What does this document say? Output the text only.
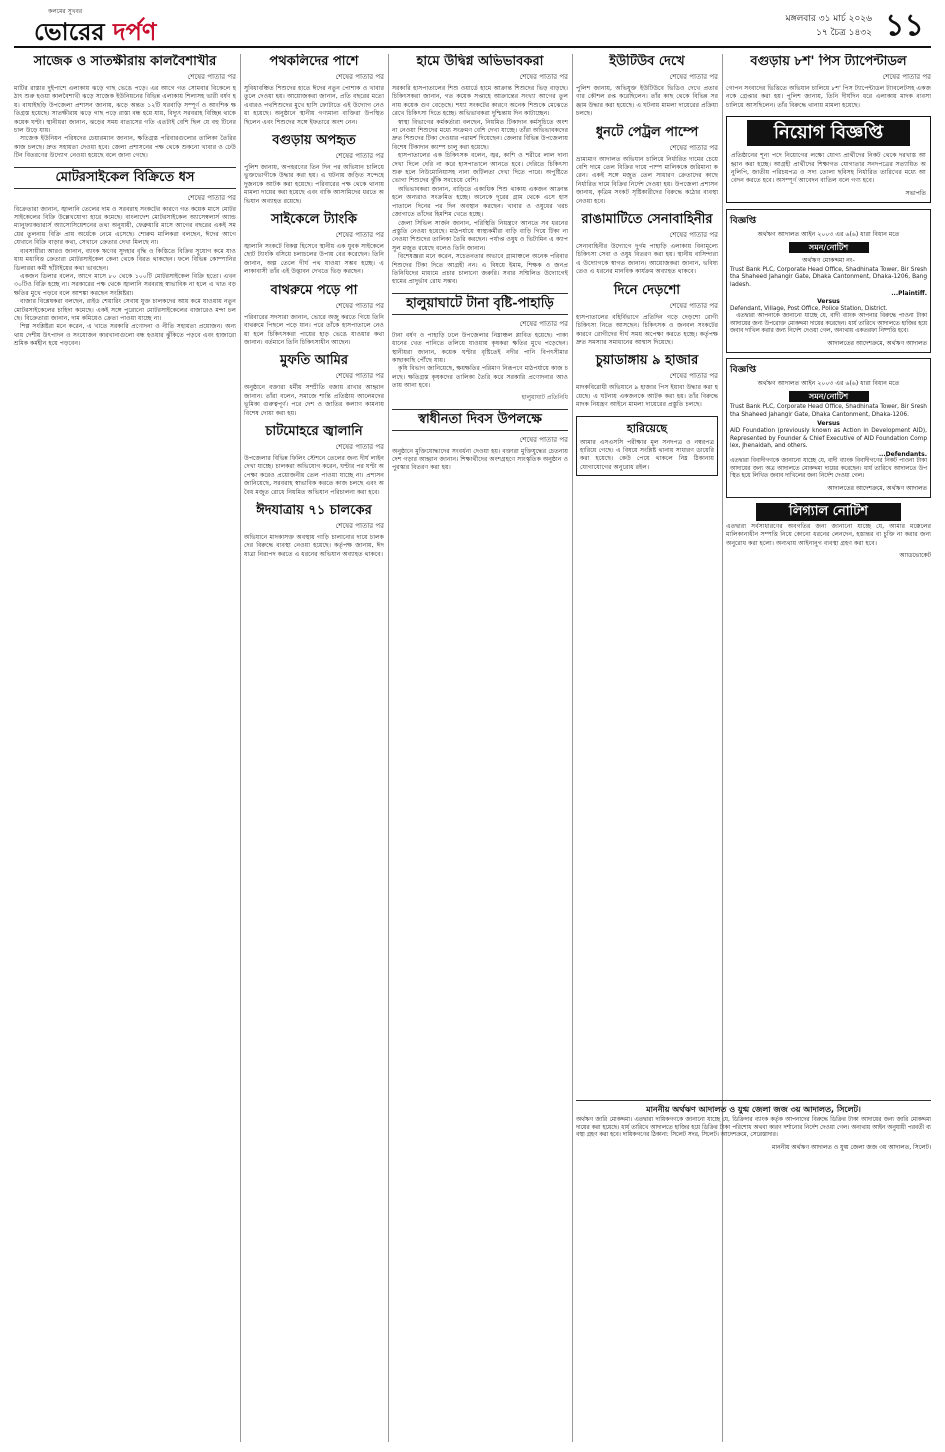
কলমের সুখবর
ভোরের দর্পণ	মঙ্গলবার ৩১ মার্চ ২০২৬
১৭ চৈত্র ১৪৩২ ১১
সাজেক ও সাতক্ষীরায় কালবৈশাখীর
শেষের পাতার পর

মাটির রাস্তার দুইপাশে এলাকায় ঝড়ে গাছ ভেঙে পড়ে। এর আগে গত সোমবার বিকেলে হঠাৎ শুরু হওয়া কালবৈশাখী ঝড়ে সাজেক ইউনিয়নের বিভিন্ন এলাকায় শিলাসহ ভারী বর্ষণ হয়। বাঘাইছড়ি উপজেলা প্রশাসন জানায়, ঝড়ে অন্তত ১২টি ঘরবাড়ি সম্পূর্ণ ও আংশিক ক্ষতিগ্রস্ত হয়েছে। সাতক্ষীরায় ঝড়ে গাছ পড়ে রাস্তা বন্ধ হয়ে যায়, বিদ্যুৎ সরবরাহ বিচ্ছিন্ন থাকে কয়েক ঘণ্টা। স্থানীয়রা জানান, ঝড়ের সময় বাতাসের গতি এতটাই বেশি ছিল যে বহু টিনের চাল উড়ে যায়।

সাজেক ইউনিয়ন পরিষদের চেয়ারম্যান জানান, ক্ষতিগ্রস্ত পরিবারগুলোর তালিকা তৈরির কাজ চলছে। দ্রুত সহায়তা দেওয়া হবে। জেলা প্রশাসনের পক্ষ থেকে শুকনো খাবার ও ঢেউটিন বিতরণের উদ্যোগ নেওয়া হয়েছে বলে জানা গেছে।

মোটরসাইকেল বিক্রিতে ধস
শেষের পাতার পর

বিক্রেতারা জানান, জ্বালানি তেলের দাম ও সরবরাহ সংকটের কারণে গত কয়েক মাসে মোটরসাইকেলের বিক্রি উল্লেখযোগ্য হারে কমেছে। বাংলাদেশ মোটরসাইকেল অ্যাসেম্বলার্স অ্যান্ড ম্যানুফ্যাকচারার্স অ্যাসোসিয়েশনের তথ্য অনুযায়ী, ফেব্রুয়ারি মাসে আগের বছরের একই সময়ের তুলনায় বিক্রি প্রায় অর্ধেকে নেমে এসেছে। শোরুম মালিকরা বলছেন, ঈদের আগে যেখানে বিক্রি বাড়ার কথা, সেখানে ক্রেতার দেখা মিলছে না।

ব্যবসায়ীরা আরও জানান, ব্যাংক ঋণের সুদহার বৃদ্ধি ও কিস্তিতে বিক্রির সুযোগ কমে যাওয়ায় মধ্যবিত্ত ক্রেতারা মোটরসাইকেল কেনা থেকে বিরত থাকছেন। ফলে বিভিন্ন কোম্পানির ডিলাররা কর্মী ছাঁটাইয়ের কথা ভাবছেন।

একজন ডিলার বলেন, আগে মাসে ৮০ থেকে ১০০টি মোটরসাইকেল বিক্রি হতো। এখন ৩০টিও বিক্রি হচ্ছে না। সরকারের পক্ষ থেকে জ্বালানি সরবরাহ স্বাভাবিক না হলে এ খাত বড় ক্ষতির মুখে পড়বে বলে আশঙ্কা করছেন সংশ্লিষ্টরা।

বাজার বিশ্লেষকরা বলছেন, রাইড শেয়ারিং সেবায় যুক্ত চালকদের আয় কমে যাওয়ায় নতুন মোটরসাইকেলের চাহিদা কমেছে। একই সঙ্গে পুরোনো মোটরসাইকেলের বাজারেও মন্দা চলছে। বিক্রেতারা জানান, দাম কমিয়েও ক্রেতা পাওয়া যাচ্ছে না।

শিল্প সংশ্লিষ্টরা মনে করেন, এ খাতে সরকারি প্রণোদনা ও নীতি সহায়তা প্রয়োজন। অন্যথায় দেশীয় উৎপাদন ও সংযোজন কারখানাগুলো বন্ধ হওয়ার ঝুঁকিতে পড়বে এবং হাজারো শ্রমিক কর্মহীন হয়ে পড়বেন।

পথকলিদের পাশে
শেষের পাতার পর

সুবিধাবঞ্চিত শিশুদের হাতে ঈদের নতুন পোশাক ও খাবার তুলে দেওয়া হয়। আয়োজকরা জানান, প্রতি বছরের মতো এবারও পথশিশুদের মুখে হাসি ফোটাতে এই উদ্যোগ নেওয়া হয়েছে। অনুষ্ঠানে স্থানীয় গণ্যমান্য ব্যক্তিরা উপস্থিত ছিলেন এবং শিশুদের সঙ্গে ইফতারে অংশ নেন।

বগুড়ায় অপহৃত
শেষের পাতার পর

পুলিশ জানায়, অপহরণের তিন দিন পর অভিযান চালিয়ে ভুক্তভোগীকে উদ্ধার করা হয়। এ ঘটনায় জড়িত সন্দেহে দুজনকে আটক করা হয়েছে। পরিবারের পক্ষ থেকে থানায় মামলা দায়ের করা হয়েছে এবং বাকি আসামিদের ধরতে অভিযান অব্যাহত রয়েছে।

সাইকেলে ট্যাংকি
শেষের পাতার পর

জ্বালানি সংকটে বিকল্প হিসেবে স্থানীয় এক যুবক সাইকেলে ছোট ট্যাংকি বসিয়ে চলাচলের উপায় বের করেছেন। তিনি জানান, অল্প তেলে দীর্ঘ পথ যাওয়া সম্ভব হচ্ছে। এলাকাবাসী তাঁর এই উদ্ভাবন দেখতে ভিড় করছেন।

বাথরুমে পড়ে পা
শেষের পাতার পর

পরিবারের সদস্যরা জানান, ভোরে অজু করতে গিয়ে তিনি বাথরুমে পিছলে পড়ে যান। পরে তাঁকে হাসপাতালে নেওয়া হলে চিকিৎসকরা পায়ের হাড় ভেঙে যাওয়ার কথা জানান। বর্তমানে তিনি চিকিৎসাধীন আছেন।

মুফতি আমির
শেষের পাতার পর

অনুষ্ঠানে বক্তারা ধর্মীয় সম্প্রীতি বজায় রাখার আহ্বান জানান। তাঁরা বলেন, সমাজে শান্তি প্রতিষ্ঠায় আলেমদের ভূমিকা গুরুত্বপূর্ণ। পরে দেশ ও জাতির কল্যাণ কামনায় বিশেষ দোয়া করা হয়।

চাটমোহরে জ্বালানি
শেষের পাতার পর

উপজেলার বিভিন্ন ফিলিং স্টেশনে তেলের জন্য দীর্ঘ লাইন দেখা যাচ্ছে। চালকরা অভিযোগ করেন, ঘণ্টার পর ঘণ্টা অপেক্ষা করেও প্রয়োজনীয় তেল পাওয়া যাচ্ছে না। প্রশাসন জানিয়েছে, সরবরাহ স্বাভাবিক করতে কাজ চলছে এবং অবৈধ মজুত রোধে নিয়মিত অভিযান পরিচালনা করা হবে।

ঈদযাত্রায় ৭১ চালকের
শেষের পাতার পর

অভিযানে মাদকাসক্ত অবস্থায় গাড়ি চালানোর দায়ে চালকদের বিরুদ্ধে ব্যবস্থা নেওয়া হয়েছে। কর্তৃপক্ষ জানায়, ঈদযাত্রা নিরাপদ করতে এ ধরনের অভিযান অব্যাহত থাকবে।

হামে উদ্বিগ্ন অভিভাবকরা
শেষের পাতার পর

সরকারি হাসপাতালের শিশু ওয়ার্ডে হামে আক্রান্ত শিশুদের ভিড় বাড়ছে। চিকিৎসকরা জানান, গত কয়েক সপ্তাহে আক্রান্তের সংখ্যা আগের তুলনায় কয়েক গুণ বেড়েছে। শয্যা সংকটের কারণে অনেক শিশুকে মেঝেতে রেখে চিকিৎসা দিতে হচ্ছে। অভিভাবকরা দুশ্চিন্তায় দিন কাটাচ্ছেন।

স্বাস্থ্য বিভাগের কর্মকর্তারা বলছেন, নিয়মিত টিকাদান কর্মসূচিতে অংশ না নেওয়া শিশুদের মধ্যে সংক্রমণ বেশি দেখা যাচ্ছে। তাঁরা অভিভাবকদের দ্রুত শিশুদের টিকা দেওয়ার পরামর্শ দিয়েছেন। জেলার বিভিন্ন উপজেলায় বিশেষ টিকাদান ক্যাম্প চালু করা হয়েছে।

হাসপাতালের এক চিকিৎসক বলেন, জ্বর, কাশি ও শরীরে লাল দানা দেখা দিলে দেরি না করে হাসপাতালে আনতে হবে। দেরিতে চিকিৎসা শুরু হলে নিউমোনিয়াসহ নানা জটিলতা দেখা দিতে পারে। অপুষ্টিতে ভোগা শিশুদের ঝুঁকি সবচেয়ে বেশি।

অভিভাবকরা জানান, বাড়িতে একাধিক শিশু থাকায় একজন আক্রান্ত হলে অন্যরাও সংক্রমিত হচ্ছে। অনেকে দূরের গ্রাম থেকে এসে হাসপাতালে দিনের পর দিন অবস্থান করছেন। খাবার ও ওষুধের খরচ জোগাতে তাঁদের হিমশিম খেতে হচ্ছে।

জেলা সিভিল সার্জন জানান, পরিস্থিতি নিয়ন্ত্রণে আনতে সব ধরনের প্রস্তুতি নেওয়া হয়েছে। মাঠপর্যায়ে স্বাস্থ্যকর্মীরা বাড়ি বাড়ি গিয়ে টিকা না নেওয়া শিশুদের তালিকা তৈরি করছেন। পর্যাপ্ত ওষুধ ও ভিটামিন এ ক্যাপসুল মজুত রয়েছে বলেও তিনি জানান।

বিশেষজ্ঞরা মনে করেন, সচেতনতার অভাবে গ্রামাঞ্চলে অনেক পরিবার শিশুদের টিকা দিতে আগ্রহী নন। এ বিষয়ে ইমাম, শিক্ষক ও জনপ্রতিনিধিদের মাধ্যমে প্রচার চালানো জরুরি। সবার সম্মিলিত উদ্যোগেই হামের প্রাদুর্ভাব রোধ সম্ভব।

হালুয়াঘাটে টানা বৃষ্টি-পাহাড়ি
শেষের পাতার পর

টানা বর্ষণ ও পাহাড়ি ঢলে উপজেলার নিম্নাঞ্চল প্লাবিত হয়েছে। পাকা ধানের খেত পানিতে তলিয়ে যাওয়ায় কৃষকরা ক্ষতির মুখে পড়েছেন। স্থানীয়রা জানান, কয়েক ঘণ্টার বৃষ্টিতেই নদীর পানি বিপৎসীমার কাছাকাছি পৌঁছে যায়।

কৃষি বিভাগ জানিয়েছে, ক্ষয়ক্ষতির পরিমাণ নিরূপণে মাঠপর্যায়ে কাজ চলছে। ক্ষতিগ্রস্ত কৃষকদের তালিকা তৈরি করে সরকারি প্রণোদনার আওতায় আনা হবে।

হালুয়াঘাট প্রতিনিধি
স্বাধীনতা দিবস উপলক্ষে
শেষের পাতার পর

অনুষ্ঠানে মুক্তিযোদ্ধাদের সংবর্ধনা দেওয়া হয়। বক্তারা মুক্তিযুদ্ধের চেতনায় দেশ গড়ার আহ্বান জানান। শিক্ষার্থীদের অংশগ্রহণে সাংস্কৃতিক অনুষ্ঠান ও পুরস্কার বিতরণ করা হয়।

ইউটিউব দেখে
শেষের পাতার পর

পুলিশ জানায়, অভিযুক্ত ইউটিউবে ভিডিও দেখে প্রতারণার কৌশল রপ্ত করেছিলেন। তাঁর কাছ থেকে বিভিন্ন সরঞ্জাম উদ্ধার করা হয়েছে। এ ঘটনায় মামলা দায়েরের প্রক্রিয়া চলছে।

ধুনটে পেট্রল পাম্পে
শেষের পাতার পর

ভ্রাম্যমাণ আদালত অভিযান চালিয়ে নির্ধারিত দামের চেয়ে বেশি দামে তেল বিক্রির দায়ে পাম্প মালিককে জরিমানা করেন। একই সঙ্গে মজুত তেল সাধারণ ক্রেতাদের কাছে নির্ধারিত দামে বিক্রির নির্দেশ দেওয়া হয়। উপজেলা প্রশাসন জানায়, কৃত্রিম সংকট সৃষ্টিকারীদের বিরুদ্ধে কঠোর ব্যবস্থা নেওয়া হবে।

রাঙামাটিতে সেনাবাহিনীর
শেষের পাতার পর

সেনাবাহিনীর উদ্যোগে দুর্গম পাহাড়ি এলাকায় বিনামূল্যে চিকিৎসা সেবা ও ওষুধ বিতরণ করা হয়। স্থানীয় বাসিন্দারা এ উদ্যোগকে স্বাগত জানান। আয়োজকরা জানান, ভবিষ্যতেও এ ধরনের মানবিক কার্যক্রম অব্যাহত থাকবে।

দিনে দেড়শো
শেষের পাতার পর

হাসপাতালের বহির্বিভাগে প্রতিদিন গড়ে দেড়শো রোগী চিকিৎসা নিতে আসছেন। চিকিৎসক ও জনবল সংকটের কারণে রোগীদের দীর্ঘ সময় অপেক্ষা করতে হচ্ছে। কর্তৃপক্ষ দ্রুত সমস্যার সমাধানের আশ্বাস দিয়েছে।

চুয়াডাঙ্গায় ৯ হাজার
শেষের পাতার পর

মাদকবিরোধী অভিযানে ৯ হাজার পিস ইয়াবা উদ্ধার করা হয়েছে। এ ঘটনায় একজনকে আটক করা হয়। তাঁর বিরুদ্ধে মাদক নিয়ন্ত্রণ আইনে মামলা দায়েরের প্রস্তুতি চলছে।

হারিয়েছে

আমার এসএসসি পরীক্ষার মূল সনদপত্র ও নম্বরপত্র হারিয়ে গেছে। এ বিষয়ে সংশ্লিষ্ট থানায় সাধারণ ডায়েরি করা হয়েছে। কেউ পেয়ে থাকলে নিম্ন ঠিকানায় যোগাযোগের অনুরোধ রইল।

বগুড়ায় ৮শ' পিস ট্যাপেন্টাডল
শেষের পাতার পর

গোপন সংবাদের ভিত্তিতে অভিযান চালিয়ে ৮শ' পিস ট্যাপেন্টাডল ট্যাবলেটসহ একজনকে গ্রেপ্তার করা হয়। পুলিশ জানায়, তিনি দীর্ঘদিন ধরে এলাকায় মাদক ব্যবসা চালিয়ে আসছিলেন। তাঁর বিরুদ্ধে থানায় মামলা হয়েছে।

নিয়োগ বিজ্ঞপ্তি

প্রতিষ্ঠানের শূন্য পদে নিয়োগের লক্ষ্যে যোগ্য প্রার্থীদের নিকট থেকে দরখাস্ত আহ্বান করা হচ্ছে। আগ্রহী প্রার্থীদের শিক্ষাগত যোগ্যতার সনদপত্রের সত্যায়িত অনুলিপি, জাতীয় পরিচয়পত্র ও সদ্য তোলা ছবিসহ নির্ধারিত তারিখের মধ্যে আবেদন করতে হবে। অসম্পূর্ণ আবেদন বাতিল বলে গণ্য হবে।

সভাপতি
বিজ্ঞপ্তি
অর্থঋণ আদালত আইন ২০০৩ এর ৬(৬) ধারা বিধান মতে
সমন/নোটিশ
অর্থঋণ মোকদ্দমা নং-

Trust Bank PLC, Corporate Head Office, Shadhinata Tower, Bir Sreshtha Shaheed Jahangir Gate, Dhaka Cantonment, Dhaka-1206, Bangladesh.

...Plaintiff.
Versus

Defendant, Village, Post Office, Police Station, District.

এতদ্বারা আপনাকে জানানো যাচ্ছে যে, বাদী ব্যাংক আপনার বিরুদ্ধে পাওনা টাকা আদায়ের জন্য উপরোক্ত মোকদ্দমা দায়ের করেছেন। ধার্য তারিখে আদালতে হাজির হয়ে জবাব দাখিল করার জন্য নির্দেশ দেওয়া গেল, অন্যথায় একতরফা নিষ্পত্তি হবে।

আদালতের আদেশক্রমে, অর্থঋণ আদালত
বিজ্ঞপ্তি
অর্থঋণ আদালত আইন ২০০৩ এর ৬(৬) ধারা বিধান মতে
সমন/নোটিশ

Trust Bank PLC, Corporate Head Office, Shadhinata Tower, Bir Sreshtha Shaheed Jahangir Gate, Dhaka Cantonment, Dhaka-1206.

Versus

AID Foundation (previously known as Action in Development AID), Represented by Founder & Chief Executive of AID Foundation Complex, Jhenaidah, and others.

...Defendants.

এতদ্বারা বিবাদীগণকে জানানো যাচ্ছে যে, বাদী ব্যাংক বিবাদীগণের নিকট পাওনা টাকা আদায়ের জন্য অত্র আদালতে মোকদ্দমা দায়ের করেছেন। ধার্য তারিখে আদালতে উপস্থিত হয়ে লিখিত জবাব দাখিলের জন্য নির্দেশ দেওয়া গেল।

আদালতের আদেশক্রমে, অর্থঋণ আদালত
লিগ্যাল নোটিশ

এতদ্বারা সর্বসাধারণের অবগতির জন্য জানানো যাচ্ছে যে, আমার মক্কেলের মালিকানাধীন সম্পত্তি নিয়ে কোনো ধরনের লেনদেন, হস্তান্তর বা চুক্তি না করার জন্য অনুরোধ করা হলো। অন্যথায় আইনানুগ ব্যবস্থা গ্রহণ করা হবে।

অ্যাডভোকেট
মাননীয় অর্থঋণ আদালত ও যুগ্ম জেলা জজ ৩য় আদালত, সিলেট।

অর্থঋণ জারি মোকদ্দমা। এতদ্বারা দায়িকগণকে জানানো যাচ্ছে যে, ডিক্রিদার ব্যাংক কর্তৃক আপনাদের বিরুদ্ধে ডিক্রির টাকা আদায়ের জন্য জারি মোকদ্দমা দায়ের করা হয়েছে। ধার্য তারিখে আদালতে হাজির হয়ে ডিক্রির টাকা পরিশোধ অথবা কারণ দর্শানোর নির্দেশ দেওয়া গেল। অন্যথায় আইন অনুযায়ী পরবর্তী ব্যবস্থা গ্রহণ করা হবে। দায়িকগণের ঠিকানা: সিলেট সদর, সিলেট। আদেশক্রমে, সেরেস্তাদার।

মাননীয় অর্থঋণ আদালত ও যুগ্ম জেলা জজ ৩য় আদালত, সিলেট।
